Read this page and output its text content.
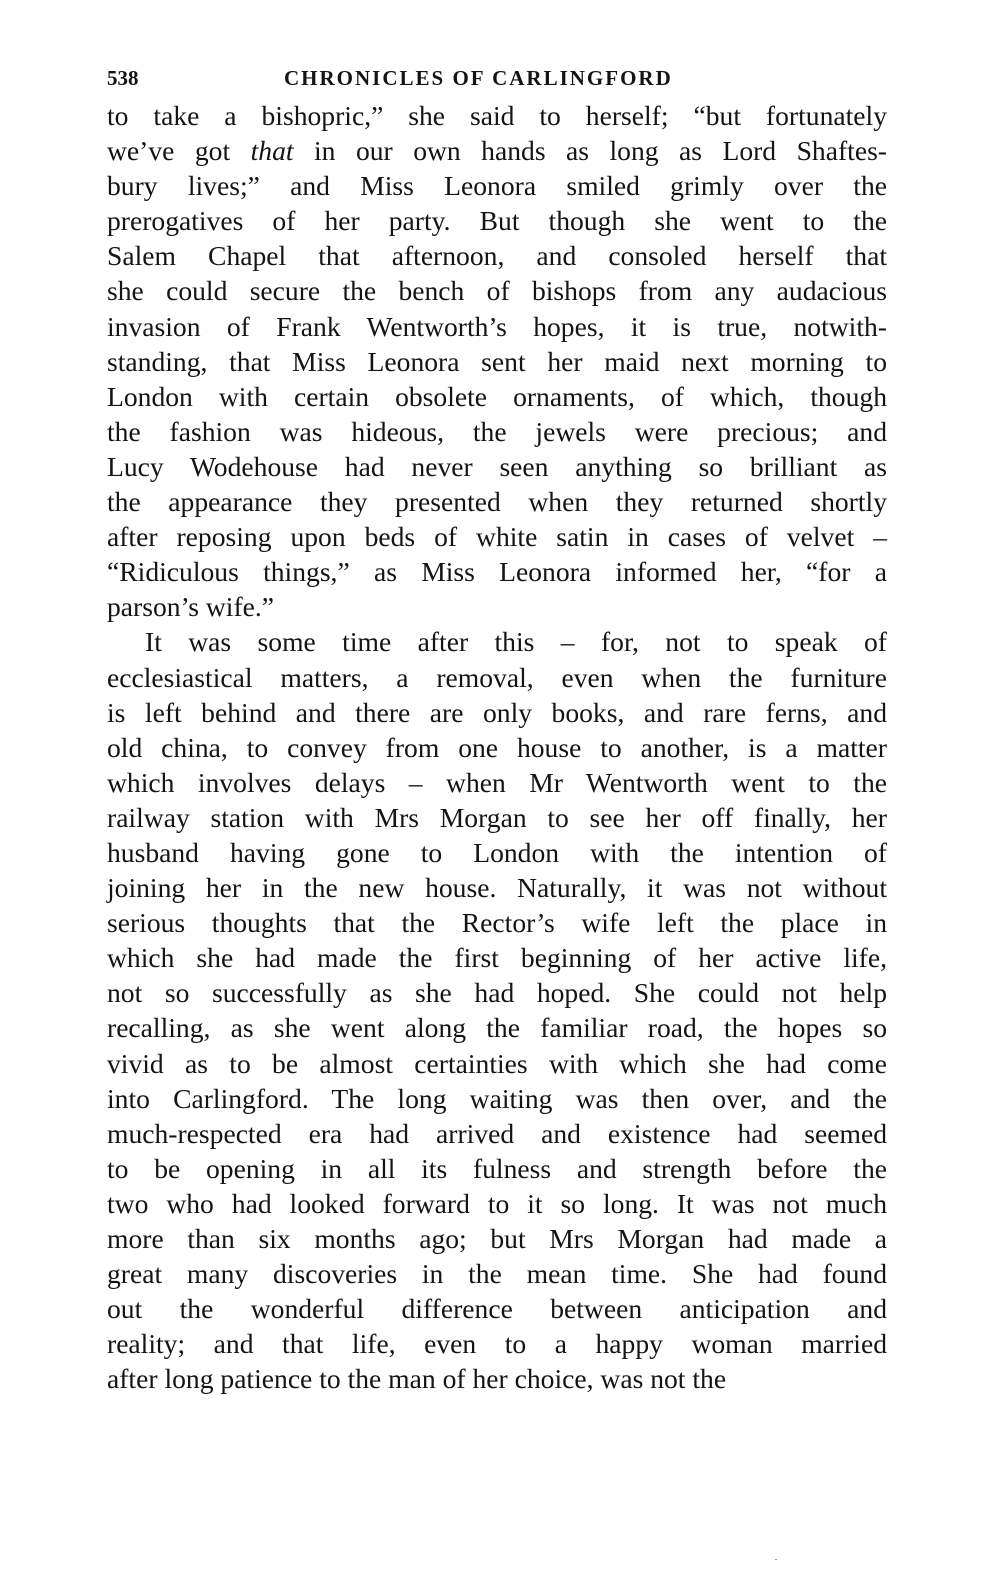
538	CHRONICLES OF CARLINGFORD
to take a bishopric,” she said to herself; “but fortunately
we’ve got that in our own hands as long as Lord Shaftes-
bury lives;” and Miss Leonora smiled grimly over the
prerogatives of her party. But though she went to the
Salem Chapel that afternoon, and consoled herself that
she could secure the bench of bishops from any audacious
invasion of Frank Wentworth’s hopes, it is true, notwith-
standing, that Miss Leonora sent her maid next morning to
London with certain obsolete ornaments, of which, though
the fashion was hideous, the jewels were precious; and
Lucy Wodehouse had never seen anything so brilliant as
the appearance they presented when they returned shortly
after reposing upon beds of white satin in cases of velvet –
“Ridiculous things,” as Miss Leonora informed her, “for a
parson’s wife.”
It was some time after this – for, not to speak of
ecclesiastical matters, a removal, even when the furniture
is left behind and there are only books, and rare ferns, and
old china, to convey from one house to another, is a matter
which involves delays – when Mr Wentworth went to the
railway station with Mrs Morgan to see her off finally, her
husband having gone to London with the intention of
joining her in the new house. Naturally, it was not without
serious thoughts that the Rector’s wife left the place in
which she had made the first beginning of her active life,
not so successfully as she had hoped. She could not help
recalling, as she went along the familiar road, the hopes so
vivid as to be almost certainties with which she had come
into Carlingford. The long waiting was then over, and the
much-respected era had arrived and existence had seemed
to be opening in all its fulness and strength before the
two who had looked forward to it so long. It was not much
more than six months ago; but Mrs Morgan had made a
great many discoveries in the mean time. She had found
out the wonderful difference between anticipation and
reality; and that life, even to a happy woman married
after long patience to the man of her choice, was not the
